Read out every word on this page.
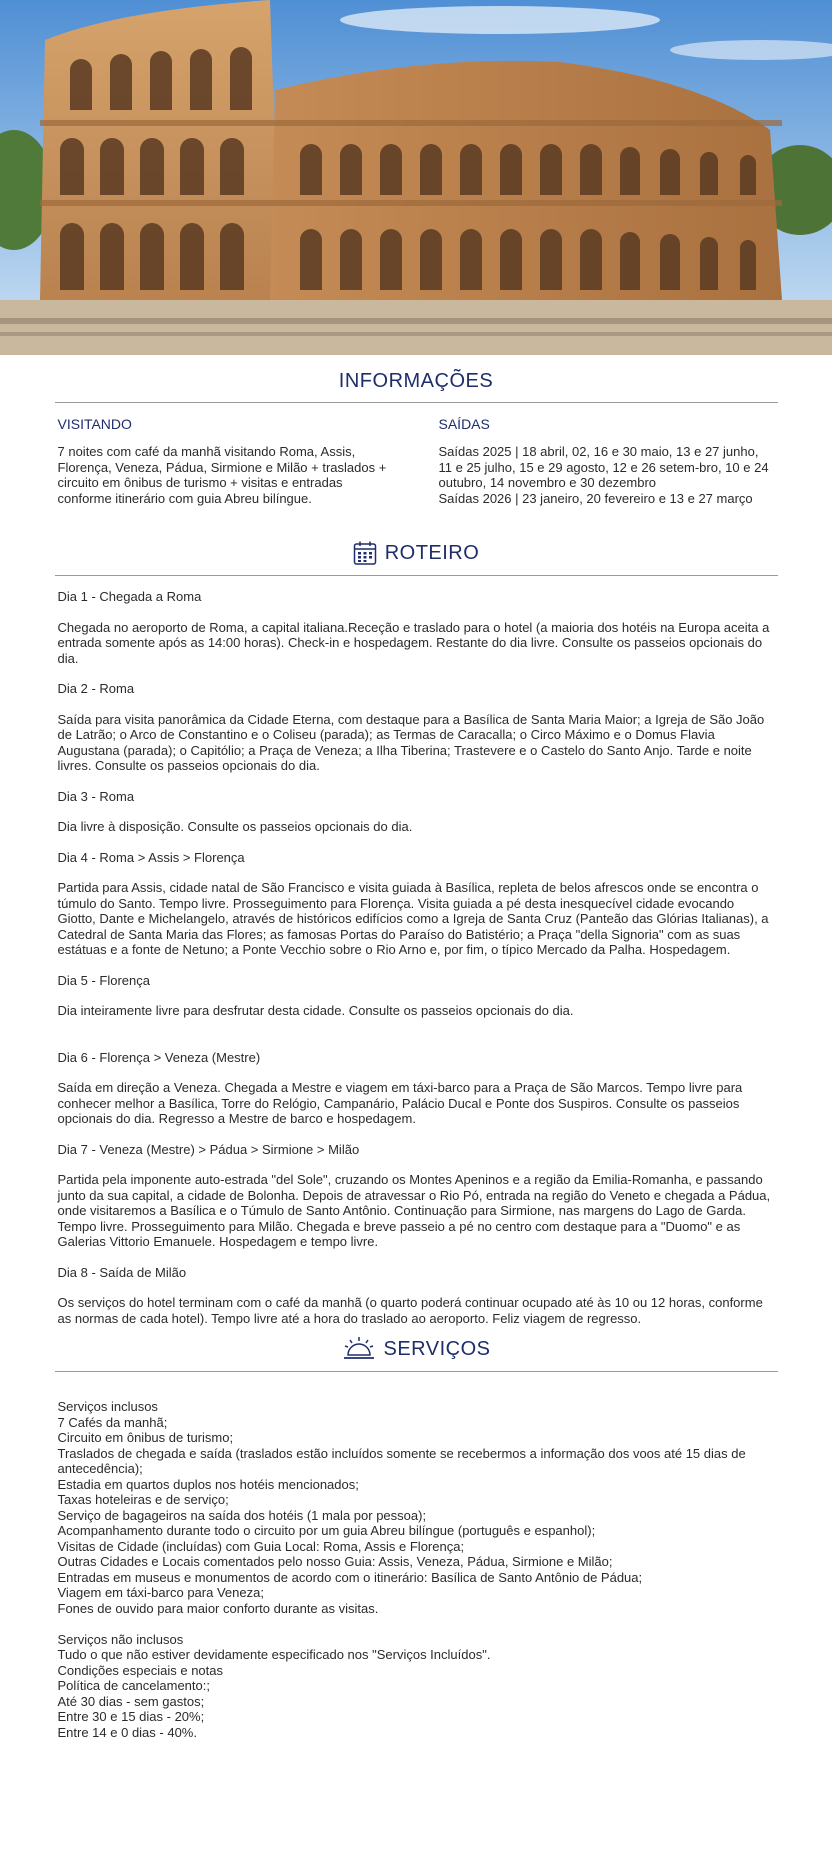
INFORMAÇÕES
VISITANDO

7 noites com café da manhã visitando Roma, Assis, Florença, Veneza, Pádua, Sirmione e Milão + traslados + circuito em ônibus de turismo + visitas e entradas conforme itinerário com guia Abreu bilíngue.

SAÍDAS

Saídas 2025 | 18 abril, 02, 16 e 30 maio, 13 e 27 junho, 11 e 25 julho, 15 e 29 agosto, 12 e 26 setem-bro, 10 e 24 outubro, 14 novembro e 30 dezembro

Saídas 2026 | 23 janeiro, 20 fevereiro e 13 e 27 março

ROTEIRO

Dia 1 - Chegada a Roma

Chegada no aeroporto de Roma, a capital italiana.Receção e traslado para o hotel (a maioria dos hotéis na Europa aceita a entrada somente após as 14:00 horas). Check-in e hospedagem. Restante do dia livre. Consulte os passeios opcionais do dia.

Dia 2 - Roma

Saída para visita panorâmica da Cidade Eterna, com destaque para a Basílica de Santa Maria Maior; a Igreja de São João de Latrão; o Arco de Constantino e o Coliseu (parada); as Termas de Caracalla; o Circo Máximo e o Domus Flavia Augustana (parada); o Capitólio; a Praça de Veneza; a Ilha Tiberina; Trastevere e o Castelo do Santo Anjo. Tarde e noite livres. Consulte os passeios opcionais do dia.

Dia 3 - Roma

Dia livre à disposição. Consulte os passeios opcionais do dia.

Dia 4 - Roma > Assis > Florença

Partida para Assis, cidade natal de São Francisco e visita guiada à Basílica, repleta de belos afrescos onde se encontra o túmulo do Santo. Tempo livre. Prosseguimento para Florença. Visita guiada a pé desta inesquecível cidade evocando Giotto, Dante e Michelangelo, através de históricos edifícios como a Igreja de Santa Cruz (Panteão das Glórias Italianas), a Catedral de Santa Maria das Flores; as famosas Portas do Paraíso do Batistério; a Praça "della Signoria" com as suas estátuas e a fonte de Netuno; a Ponte Vecchio sobre o Rio Arno e, por fim, o típico Mercado da Palha. Hospedagem.

Dia 5 - Florença

Dia inteiramente livre para desfrutar desta cidade. Consulte os passeios opcionais do dia.

Dia 6 - Florença > Veneza (Mestre)

Saída em direção a Veneza. Chegada a Mestre e viagem em táxi-barco para a Praça de São Marcos. Tempo livre para conhecer melhor a Basílica, Torre do Relógio, Campanário, Palácio Ducal e Ponte dos Suspiros. Consulte os passeios opcionais do dia. Regresso a Mestre de barco e hospedagem.

Dia 7 - Veneza (Mestre) > Pádua > Sirmione > Milão

Partida pela imponente auto-estrada "del Sole", cruzando os Montes Apeninos e a região da Emilia-Romanha, e passando junto da sua capital, a cidade de Bolonha. Depois de atravessar o Rio Pó, entrada na região do Veneto e chegada a Pádua, onde visitaremos a Basílica e o Túmulo de Santo Antônio. Continuação para Sirmione, nas margens do Lago de Garda. Tempo livre. Prosseguimento para Milão. Chegada e breve passeio a pé no centro com destaque para a "Duomo" e as Galerias Vittorio Emanuele. Hospedagem e tempo livre.

Dia 8 - Saída de Milão

Os serviços do hotel terminam com o café da manhã (o quarto poderá continuar ocupado até às 10 ou 12 horas, conforme as normas de cada hotel). Tempo livre até a hora do traslado ao aeroporto. Feliz viagem de regresso.

SERVIÇOS

Serviços inclusos

7 Cafés da manhã;

Circuito em ônibus de turismo;

Traslados de chegada e saída (traslados estão incluídos somente se recebermos a informação dos voos até 15 dias de antecedência);

Estadia em quartos duplos nos hotéis mencionados;

Taxas hoteleiras e de serviço;

Serviço de bagageiros na saída dos hotéis (1 mala por pessoa);

Acompanhamento durante todo o circuito por um guia Abreu bilíngue (português e espanhol);

Visitas de Cidade (incluídas) com Guia Local: Roma, Assis e Florença;

Outras Cidades e Locais comentados pelo nosso Guia: Assis, Veneza, Pádua, Sirmione e Milão;

Entradas em museus e monumentos de acordo com o itinerário: Basílica de Santo Antônio de Pádua;

Viagem em táxi-barco para Veneza;

Fones de ouvido para maior conforto durante as visitas.

Serviços não inclusos

Tudo o que não estiver devidamente especificado nos "Serviços Incluídos".

Condições especiais e notas

Política de cancelamento:;

Até 30 dias - sem gastos;

Entre 30 e 15 dias - 20%;

Entre 14 e 0 dias - 40%.
